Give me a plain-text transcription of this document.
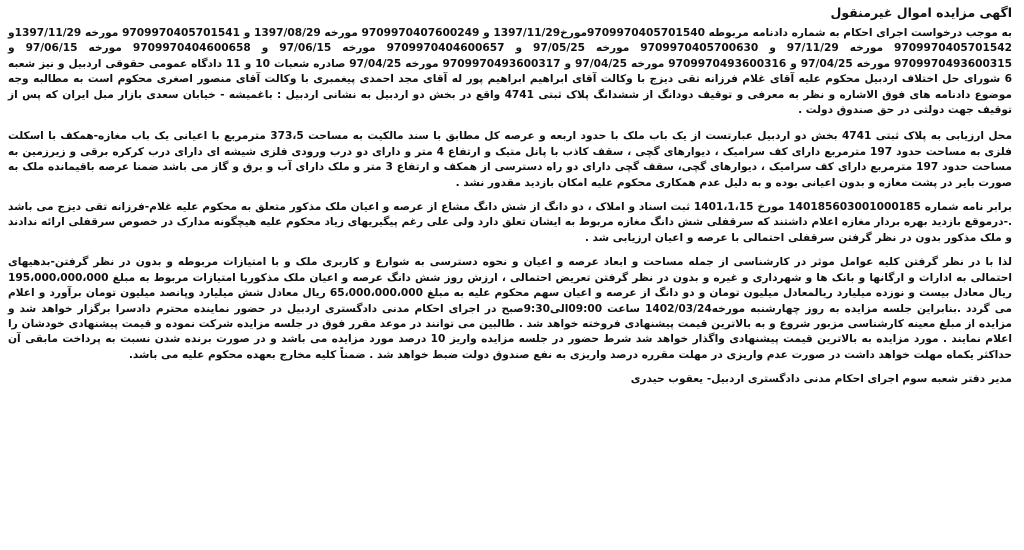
اگهی مزایده اموال غیرمنقول

به موجب درخواست اجرای احکام به شماره دادنامه مربوطه 9709970405701540مورخ1397/11/29 و 9709970407600249 مورخه 1397/08/29 و 9709970405701541 مورخه 1397/11/29و 9709970405701542 مورخه 97/11/29 و 9709970405700630 مورخه 97/05/25 و 9709970404600657 مورخه 97/06/15 و 9709970404600658 مورخه 97/06/15 و 9709970493600315 مورخه 97/04/25 و 9709970493600316 مورخه 97/04/25 و 9709970493600317 مورخه 97/04/25 صادره شعبات 10 و 11 دادگاه عمومی حقوقی اردبیل و نیز شعبه 6 شورای حل اختلاف اردبیل محکوم علیه آقای غلام فرزانه تقی دیزج با وکالت آقای ابراهیم ابراهیم پور له آقای مجد احمدی پیغمبری با وکالت آقای منصور اصغری محکوم است به مطالبه وجه موضوع دادنامه های فوق الاشاره و نظر به معرفی و توقیف دودانگ از ششدانگ پلاک ثبتی 4741 واقع در بخش دو اردبیل به نشانی اردبیل : باغمیشه - خیابان سعدی بازار مبل ایران که پس از توقیف جهت دولتی در حق صندوق دولت .

محل ارزیابی به پلاک ثبتی 4741 بخش دو اردبیل عبارتست از یک باب ملک با حدود اربعه و عرصه کل مطابق با سند مالکیت به مساحت 373،5 مترمربع با اعیانی یک باب مغازه-همکف با اسکلت فلزی به مساحت حدود 197 مترمربع دارای کف سرامیک ، دیوارهای گچی ، سقف کاذب با پانل متیک و ارتفاع 4 متر و دارای دو درب ورودی فلزی شیشه ای دارای درب کرکره برقی و زیرزمین به مساحت حدود 197 مترمربع دارای کف سرامیک ، دیوارهای گچی، سقف گچی دارای دو راه دسترسی از همکف و ارتفاع 3 متر و ملک دارای آب و برق و گاز می باشد ضمنا عرصه باقیمانده ملک به صورت بایر در پشت مغازه و بدون اعیانی بوده و به دلیل عدم همکاری محکوم علیه امکان بازدید مقدور نشد .

برابر نامه شماره 140185603001000185 مورخ 1401،1،15 ثبت اسناد و املاک ، دو دانگ از شش دانگ مشاع از عرصه و اعیان ملک مذکور متعلق به محکوم علیه غلام-فرزانه تقی دیزج می باشد .-درموقع بازدید بهره بردار مغازه اعلام داشتند که سرقفلی شش دانگ مغازه مربوط به ایشان تعلق دارد ولی علی رغم پیگیریهای زیاد محکوم علیه هیچگونه مدارک در خصوص سرقفلی ارائه ندادند و ملک مذکور بدون در نظر گرفتن سرقفلی احتمالی با عرصه و اعیان ارزیابی شد .

لذا با در نظر گرفتن کلیه عوامل موثر در کارشناسی از جمله مساحت و ابعاد عرصه و اعیان و نحوه دسترسی به شوارع و کاربری ملک و با امتیازات مربوطه و بدون در نظر گرفتن-بدهیهای احتمالی به ادارات و ارگانها و بانک ها و شهرداری و غیره و بدون در نظر گرفتن تعریض احتمالی ، ارزش روز شش دانگ عرصه و اعیان ملک مذکوربا امتیازات مربوط به مبلغ 195،000،000،000 ریال معادل بیست و نوزده میلیارد ریالمعادل میلیون تومان و دو دانگ از عرصه و اعیان سهم محکوم علیه به مبلغ 65،000،000،000 ریال معادل شش میلیارد وپانصد میلیون تومان برآورد و اعلام می گردد .بنابراین جلسه مزایده به روز چهارشنبه مورخه1402/03/24 ساعت 09:00الی9:30صبح در اجرای احکام مدنی دادگستری اردبیل در حضور نماینده محترم دادسرا برگزار خواهد شد و مزایده از مبلغ معینه کارشناسی مزبور شروع و به بالاترین قیمت پیشنهادی فروخته خواهد شد . طالبین می توانند در موعد مقرر فوق در جلسه مزایده شرکت نموده و قیمت پیشنهادی خودشان را اعلام نمایند . مورد مزایده به بالاترین قیمت پیشنهادی واگذار خواهد شد شرط حضور در جلسه مزایده واریز 10 درصد مورد مزایده می باشد و در صورت برنده شدن نسبت به پرداخت مابقی آن حداکثر یکماه مهلت خواهد داشت در صورت عدم واریزی در مهلت مقرره درصد واریزی به نفع صندوق دولت ضبط خواهد شد . ضمناً کلیه مخارج بعهده محکوم علیه می باشد.

مدیر دفتر شعبه سوم اجرای احکام مدنی دادگستری اردبیل- یعقوب حیدری
